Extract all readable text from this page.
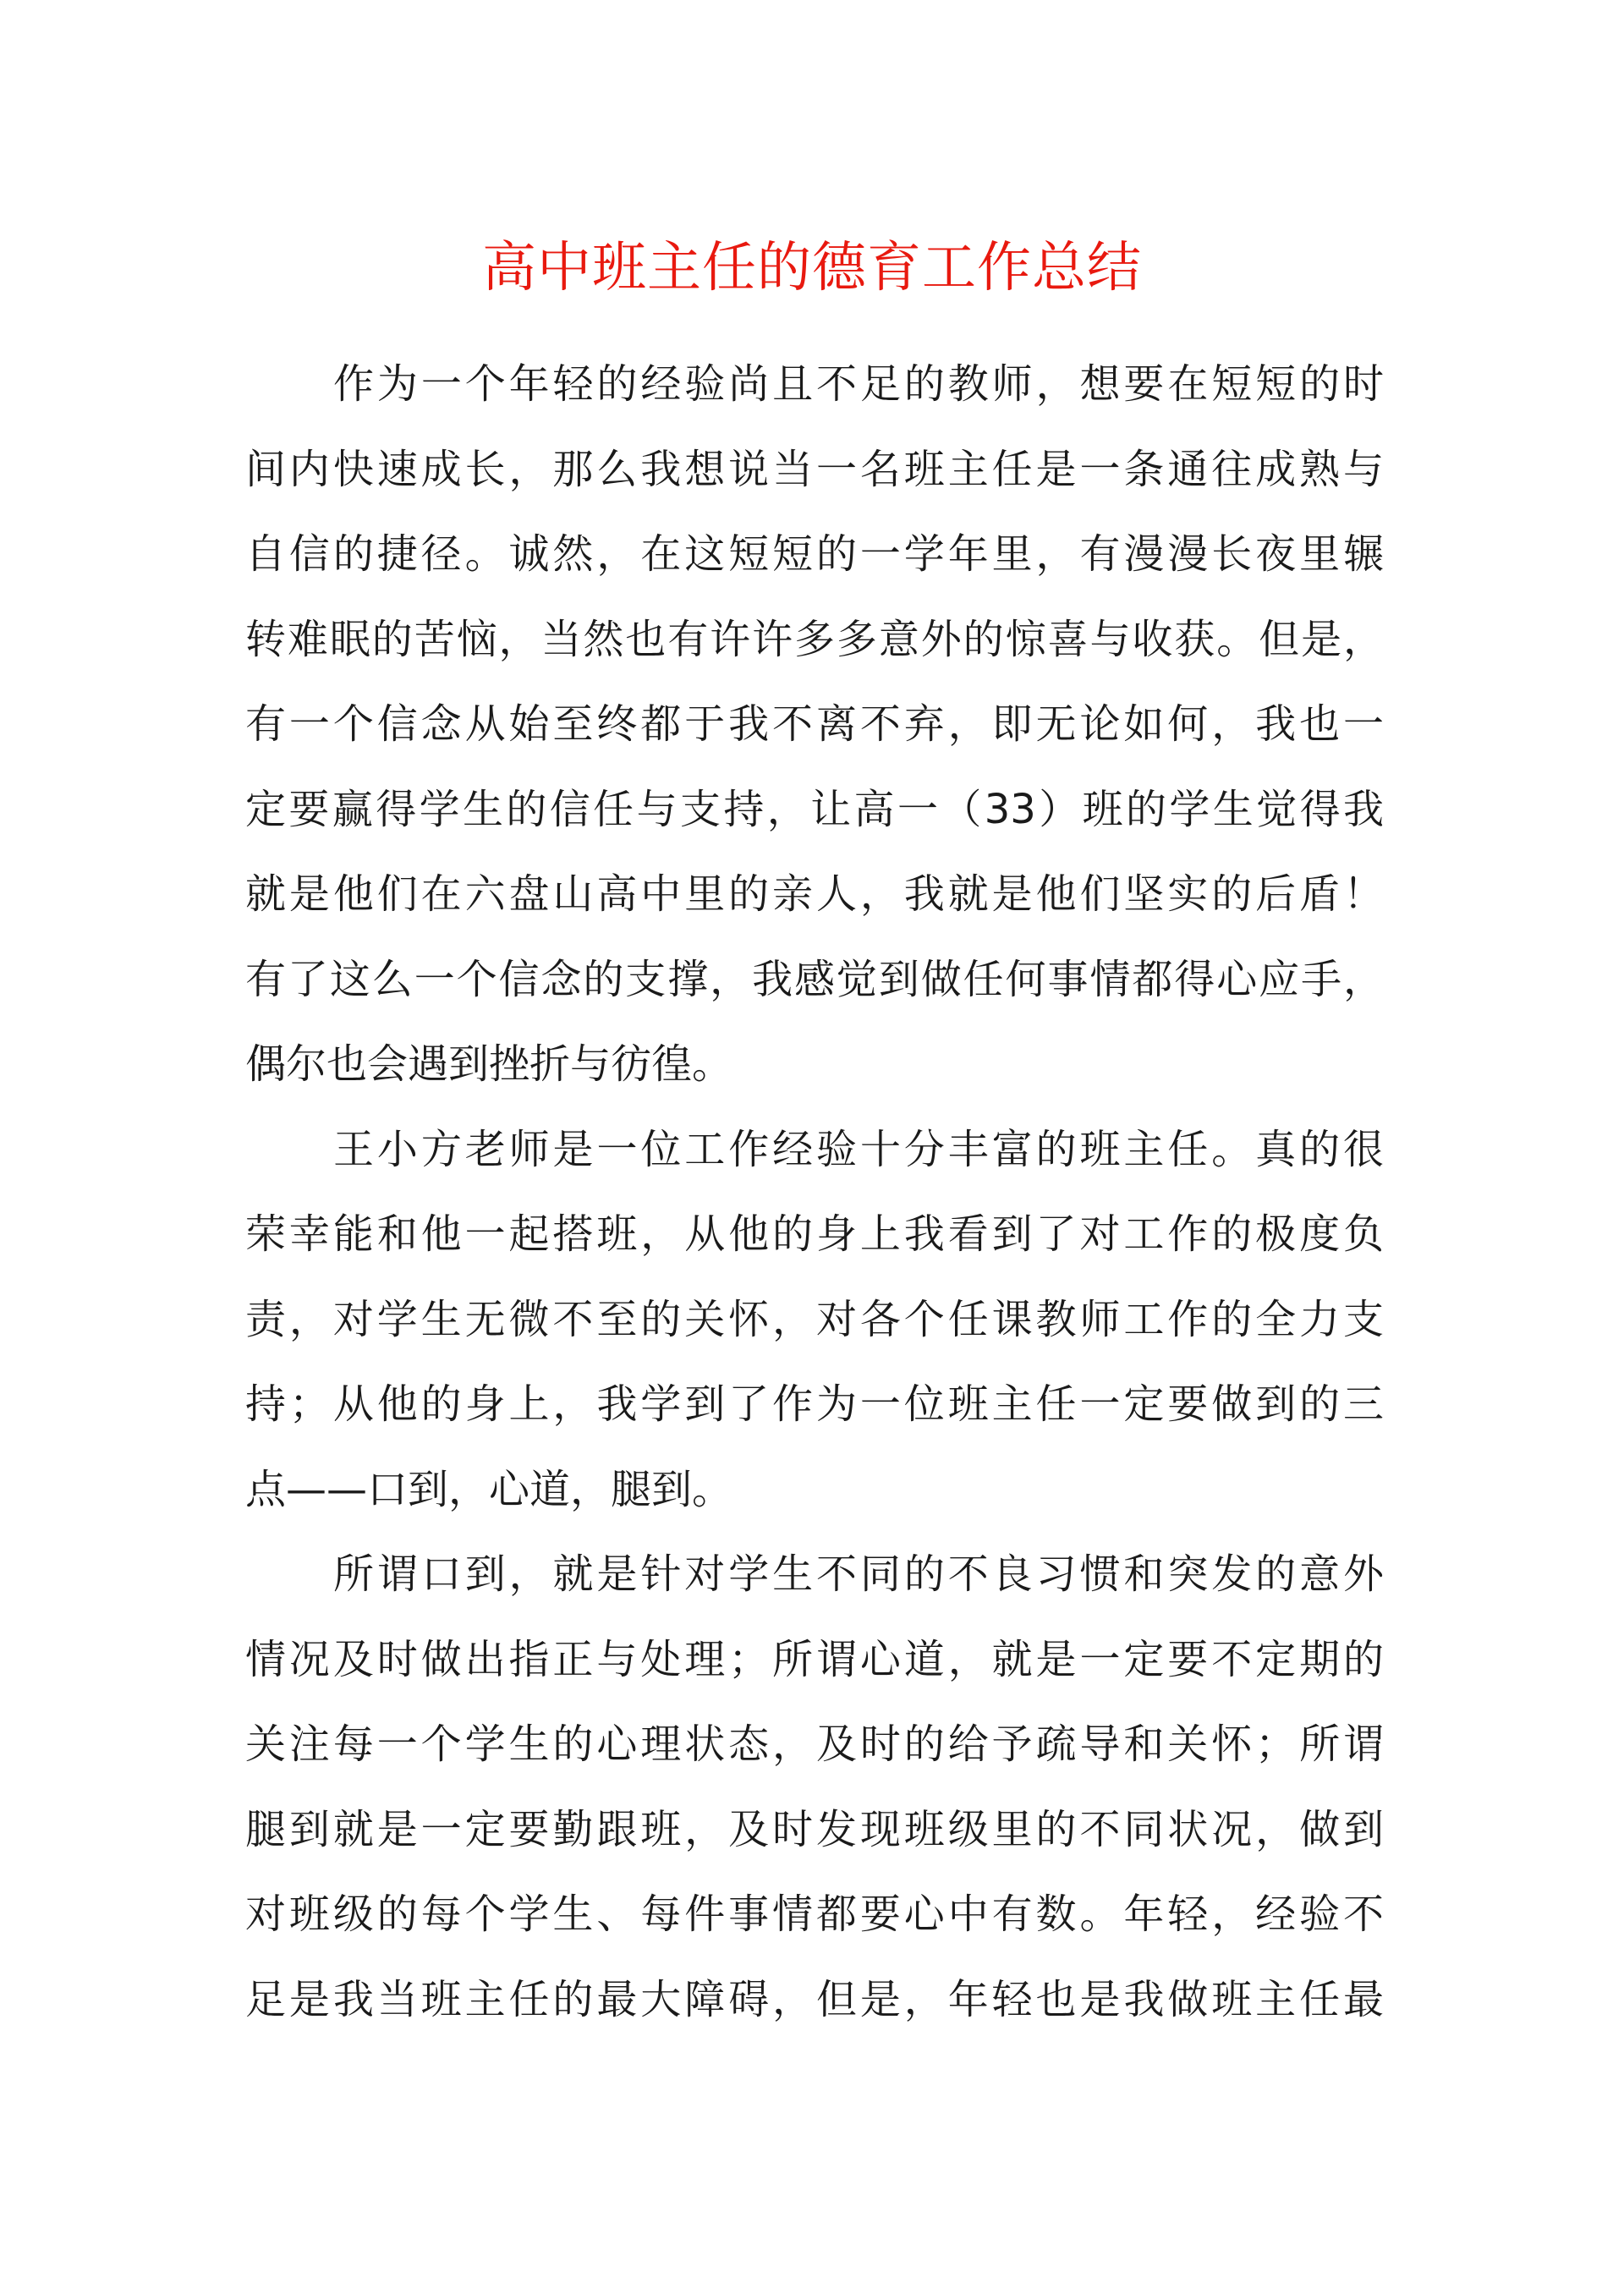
高中班主任的德育工作总结
作为一个年轻的经验尚且不足的教师，想要在短短的时
间内快速成长，那么我想说当一名班主任是一条通往成熟与
自信的捷径。诚然，在这短短的一学年里，有漫漫长夜里辗
转难眠的苦恼，当然也有许许多多意外的惊喜与收获。但是，
有一个信念从始至终都于我不离不弃，即无论如何，我也一
定要赢得学生的信任与支持，让高一（33）班的学生觉得我
就是他们在六盘山高中里的亲人，我就是他们坚实的后盾！
有了这么一个信念的支撑，我感觉到做任何事情都得心应手，
偶尔也会遇到挫折与彷徨。
王小方老师是一位工作经验十分丰富的班主任。真的很
荣幸能和他一起搭班，从他的身上我看到了对工作的极度负
责，对学生无微不至的关怀，对各个任课教师工作的全力支
持；从他的身上，我学到了作为一位班主任一定要做到的三
点——口到，心道，腿到。
所谓口到，就是针对学生不同的不良习惯和突发的意外
情况及时做出指正与处理；所谓心道，就是一定要不定期的
关注每一个学生的心理状态，及时的给予疏导和关怀；所谓
腿到就是一定要勤跟班，及时发现班级里的不同状况，做到
对班级的每个学生、每件事情都要心中有数。年轻，经验不
足是我当班主任的最大障碍，但是，年轻也是我做班主任最
